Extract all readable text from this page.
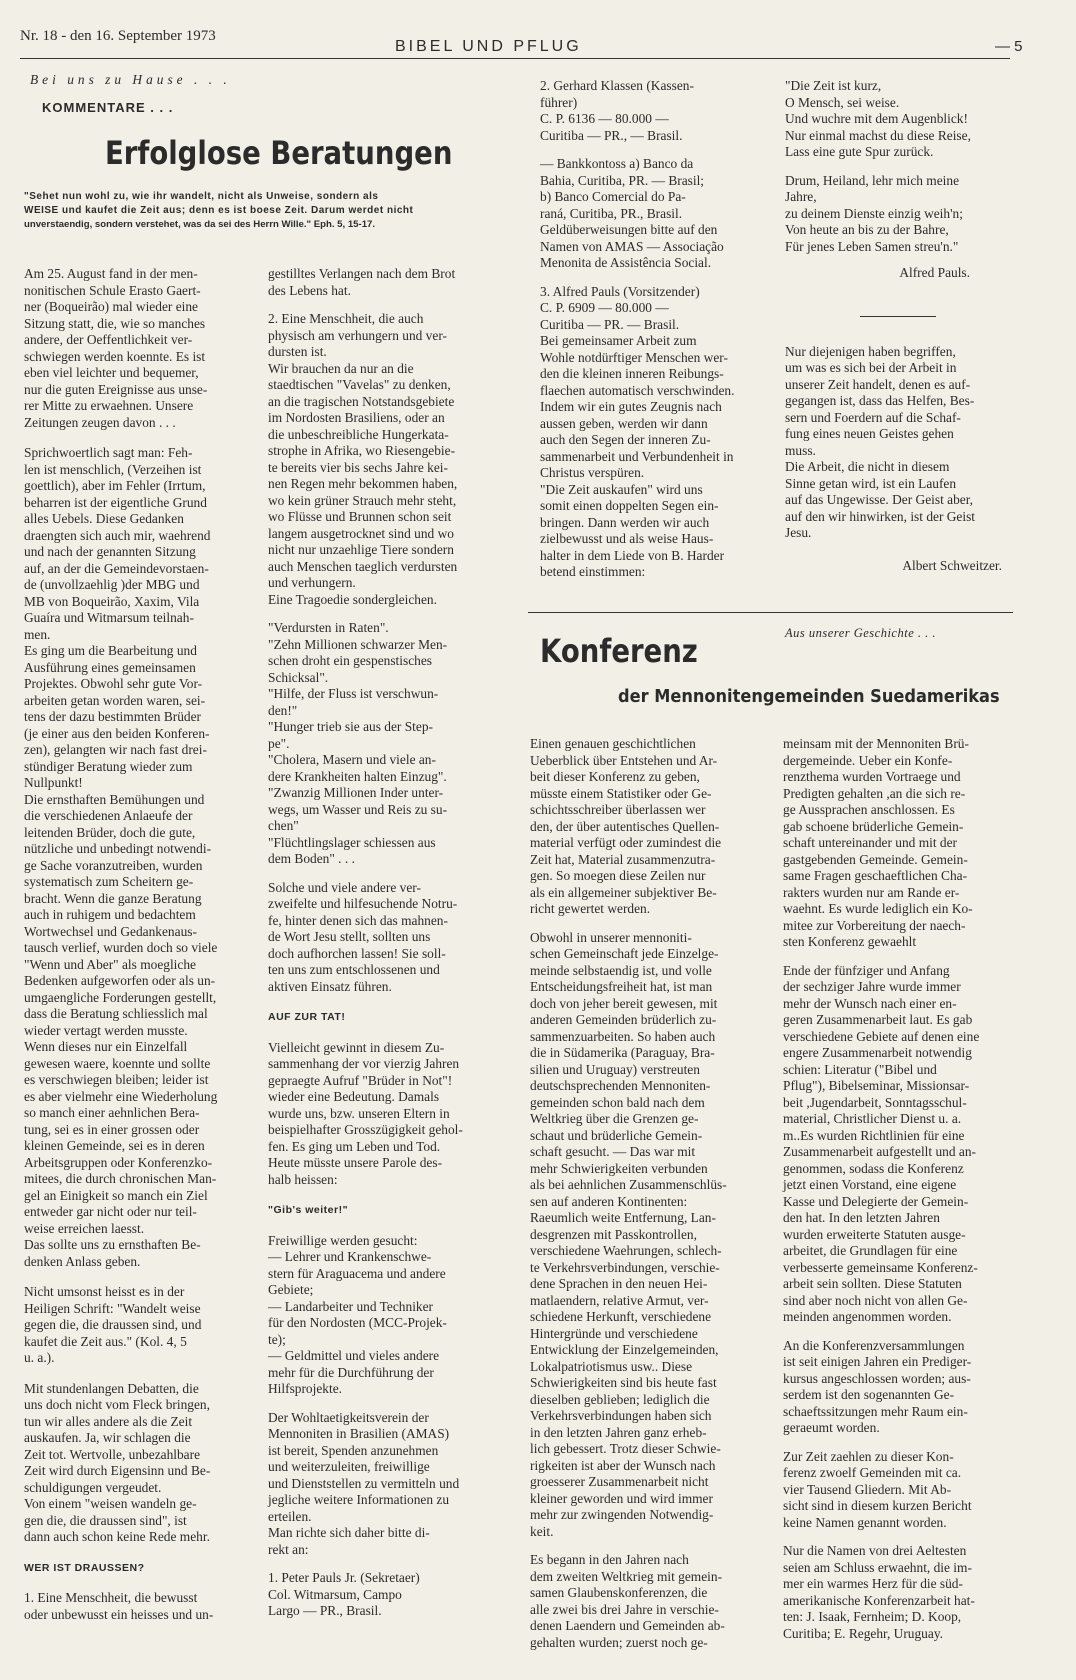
Nr. 18 - den 16. September 1973
BIBEL UND PFLUG	— 5
Bei uns zu Hause . . .
KOMMENTARE . . .
Erfolglose Beratungen
"Sehet nun wohl zu, wie ihr wandelt, nicht als Unweise, sondern als
WEISE und kaufet die Zeit aus; denn es ist boese Zeit. Darum werdet nicht
unverstaendig, sondern verstehet, was da sei des Herrn Wille." Eph. 5, 15-17.

Am 25. August fand in der men-

nonitischen Schule Erasto Gaert-

ner (Boqueirão) mal wieder eine

Sitzung statt, die, wie so manches

andere, der Oeffentlichkeit ver-

schwiegen werden koennte. Es ist

eben viel leichter und bequemer,

nur die guten Ereignisse aus unse-

rer Mitte zu erwaehnen. Unsere

Zeitungen zeugen davon . . .

Sprichwoertlich sagt man: Feh-

len ist menschlich, (Verzeihen ist

goettlich), aber im Fehler (Irrtum,

beharren ist der eigentliche Grund

alles Uebels. Diese Gedanken

draengten sich auch mir, waehrend

und nach der genannten Sitzung

auf, an der die Gemeindevorstaen-

de (unvollzaehlig )der MBG und

MB von Boqueirão, Xaxim, Vila

Guaíra und Witmarsum teilnah-

men.

Es ging um die Bearbeitung und

Ausführung eines gemeinsamen

Projektes. Obwohl sehr gute Vor-

arbeiten getan worden waren, sei-

tens der dazu bestimmten Brüder

(je einer aus den beiden Konferen-

zen), gelangten wir nach fast drei-

stündiger Beratung wieder zum

Nullpunkt!

Die ernsthaften Bemühungen und

die verschiedenen Anlaeufe der

leitenden Brüder, doch die gute,

nützliche und unbedingt notwendi-

ge Sache voranzutreiben, wurden

systematisch zum Scheitern ge-

bracht. Wenn die ganze Beratung

auch in ruhigem und bedachtem

Wortwechsel und Gedankenaus-

tausch verlief, wurden doch so viele

"Wenn und Aber" als moegliche

Bedenken aufgeworfen oder als un-

umgaengliche Forderungen gestellt,

dass die Beratung schliesslich mal

wieder vertagt werden musste.

Wenn dieses nur ein Einzelfall

gewesen waere, koennte und sollte

es verschwiegen bleiben; leider ist

es aber vielmehr eine Wiederholung

so manch einer aehnlichen Bera-

tung, sei es in einer grossen oder

kleinen Gemeinde, sei es in deren

Arbeitsgruppen oder Konferenzko-

mitees, die durch chronischen Man-

gel an Einigkeit so manch ein Ziel

entweder gar nicht oder nur teil-

weise erreichen laesst.

Das sollte uns zu ernsthaften Be-

denken Anlass geben.

Nicht umsonst heisst es in der

Heiligen Schrift: "Wandelt weise

gegen die, die draussen sind, und

kaufet die Zeit aus." (Kol. 4, 5

u. a.).

Mit stundenlangen Debatten, die

uns doch nicht vom Fleck bringen,

tun wir alles andere als die Zeit

auskaufen. Ja, wir schlagen die

Zeit tot. Wertvolle, unbezahlbare

Zeit wird durch Eigensinn und Be-

schuldigungen vergeudet.

Von einem "weisen wandeln ge-

gen die, die draussen sind", ist

dann auch schon keine Rede mehr.

WER IST DRAUSSEN?

1. Eine Menschheit, die bewusst

oder unbewusst ein heisses und un-

gestilltes Verlangen nach dem Brot

des Lebens hat.

2. Eine Menschheit, die auch

physisch am verhungern und ver-

dursten ist.

Wir brauchen da nur an die

staedtischen "Vavelas" zu denken,

an die tragischen Notstandsgebiete

im Nordosten Brasiliens, oder an

die unbeschreibliche Hungerkata-

strophe in Afrika, wo Riesengebie-

te bereits vier bis sechs Jahre kei-

nen Regen mehr bekommen haben,

wo kein grüner Strauch mehr steht,

wo Flüsse und Brunnen schon seit

langem ausgetrocknet sind und wo

nicht nur unzaehlige Tiere sondern

auch Menschen taeglich verdursten

und verhungern.

Eine Tragoedie sondergleichen.

"Verdursten in Raten".

"Zehn Millionen schwarzer Men-

schen droht ein gespenstisches

Schicksal".

"Hilfe, der Fluss ist verschwun-

den!"

"Hunger trieb sie aus der Step-

pe".

"Cholera, Masern und viele an-

dere Krankheiten halten Einzug".

"Zwanzig Millionen Inder unter-

wegs, um Wasser und Reis zu su-

chen"

"Flüchtlingslager schiessen aus

dem Boden" . . .

Solche und viele andere ver-

zweifelte und hilfesuchende Notru-

fe, hinter denen sich das mahnen-

de Wort Jesu stellt, sollten uns

doch aufhorchen lassen! Sie soll-

ten uns zum entschlossenen und

aktiven Einsatz führen.

AUF ZUR TAT!

Vielleicht gewinnt in diesem Zu-

sammenhang der vor vierzig Jahren

gepraegte Aufruf "Brüder in Not"!

wieder eine Bedeutung. Damals

wurde uns, bzw. unseren Eltern in

beispielhafter Grosszügigkeit gehol-

fen. Es ging um Leben und Tod.

Heute müsste unsere Parole des-

halb heissen:

"Gib's weiter!"

Freiwillige werden gesucht:

— Lehrer und Krankenschwe-

stern für Araguacema und andere

Gebiete;

— Landarbeiter und Techniker

für den Nordosten (MCC-Projek-

te);

— Geldmittel und vieles andere

mehr für die Durchführung der

Hilfsprojekte.

Der Wohltaetigkeitsverein der

Mennoniten in Brasilien (AMAS)

ist bereit, Spenden anzunehmen

und weiterzuleiten, freiwillige

und Dienststellen zu vermitteln und

jegliche weitere Informationen zu

erteilen.

Man richte sich daher bitte di-

rekt an:

1. Peter Pauls Jr. (Sekretaer)

Col. Witmarsum, Campo

Largo — PR., Brasil.

2. Gerhard Klassen (Kassen-

führer)

C. P. 6136 — 80.000 —

Curitiba — PR., — Brasil.

— Bankkontoss a) Banco da

Bahia, Curitiba, PR. — Brasil;

b) Banco Comercial do Pa-

raná, Curitiba, PR., Brasil.

Geldüberweisungen bitte auf den

Namen von AMAS — Associação

Menonita de Assistência Social.

3. Alfred Pauls (Vorsitzender)

C. P. 6909 — 80.000 —

Curitiba — PR. — Brasil.

Bei gemeinsamer Arbeit zum

Wohle notdürftiger Menschen wer-

den die kleinen inneren Reibungs-

flaechen automatisch verschwinden.

Indem wir ein gutes Zeugnis nach

aussen geben, werden wir dann

auch den Segen der inneren Zu-

sammenarbeit und Verbundenheit in

Christus verspüren.

"Die Zeit auskaufen" wird uns

somit einen doppelten Segen ein-

bringen. Dann werden wir auch

zielbewusst und als weise Haus-

halter in dem Liede von B. Harder

betend einstimmen:

"Die Zeit ist kurz,

O Mensch, sei weise.

Und wuchre mit dem Augenblick!

Nur einmal machst du diese Reise,

Lass eine gute Spur zurück.

Drum, Heiland, lehr mich meine

Jahre,

zu deinem Dienste einzig weih'n;

Von heute an bis zu der Bahre,

Für jenes Leben Samen streu'n."

Alfred Pauls.

Nur diejenigen haben begriffen,

um was es sich bei der Arbeit in

unserer Zeit handelt, denen es auf-

gegangen ist, dass das Helfen, Bes-

sern und Foerdern auf die Schaf-

fung eines neuen Geistes gehen

muss.

Die Arbeit, die nicht in diesem

Sinne getan wird, ist ein Laufen

auf das Ungewisse. Der Geist aber,

auf den wir hinwirken, ist der Geist

Jesu.

Albert Schweitzer.

Aus unserer Geschichte . . .
Konferenz
der Mennonitengemeinden Suedamerikas

Einen genauen geschichtlichen

Ueberblick über Entstehen und Ar-

beit dieser Konferenz zu geben,

müsste einem Statistiker oder Ge-

schichtsschreiber überlassen wer

den, der über autentisches Quellen-

material verfügt oder zumindest die

Zeit hat, Material zusammenzutra-

gen. So moegen diese Zeilen nur

als ein allgemeiner subjektiver Be-

richt gewertet werden.

Obwohl in unserer mennoniti-

schen Gemeinschaft jede Einzelge-

meinde selbstaendig ist, und volle

Entscheidungsfreiheit hat, ist man

doch von jeher bereit gewesen, mit

anderen Gemeinden brüderlich zu-

sammenzuarbeiten. So haben auch

die in Südamerika (Paraguay, Bra-

silien und Uruguay) verstreuten

deutschsprechenden Mennoniten-

gemeinden schon bald nach dem

Weltkrieg über die Grenzen ge-

schaut und brüderliche Gemein-

schaft gesucht. — Das war mit

mehr Schwierigkeiten verbunden

als bei aehnlichen Zusammenschlüs-

sen auf anderen Kontinenten:

Raeumlich weite Entfernung, Lan-

desgrenzen mit Passkontrollen,

verschiedene Waehrungen, schlech-

te Verkehrsverbindungen, verschie-

dene Sprachen in den neuen Hei-

matlaendern, relative Armut, ver-

schiedene Herkunft, verschiedene

Hintergründe und verschiedene

Entwicklung der Einzelgemeinden,

Lokalpatriotismus usw.. Diese

Schwierigkeiten sind bis heute fast

dieselben geblieben; lediglich die

Verkehrsverbindungen haben sich

in den letzten Jahren ganz erheb-

lich gebessert. Trotz dieser Schwie-

rigkeiten ist aber der Wunsch nach

groesserer Zusammenarbeit nicht

kleiner geworden und wird immer

mehr zur zwingenden Notwendig-

keit.

Es begann in den Jahren nach

dem zweiten Weltkrieg mit gemein-

samen Glaubenskonferenzen, die

alle zwei bis drei Jahre in verschie-

denen Laendern und Gemeinden ab-

gehalten wurden; zuerst noch ge-

meinsam mit der Mennoniten Brü-

dergemeinde. Ueber ein Konfe-

renzthema wurden Vortraege und

Predigten gehalten ,an die sich re-

ge Aussprachen anschlossen. Es

gab schoene brüderliche Gemein-

schaft untereinander und mit der

gastgebenden Gemeinde. Gemein-

same Fragen geschaeftlichen Cha-

rakters wurden nur am Rande er-

waehnt. Es wurde lediglich ein Ko-

mitee zur Vorbereitung der naech-

sten Konferenz gewaehlt

Ende der fünfziger und Anfang

der sechziger Jahre wurde immer

mehr der Wunsch nach einer en-

geren Zusammenarbeit laut. Es gab

verschiedene Gebiete auf denen eine

engere Zusammenarbeit notwendig

schien: Literatur ("Bibel und

Pflug"), Bibelseminar, Missionsar-

beit ,Jugendarbeit, Sonntagsschul-

material, Christlicher Dienst u. a.

m..Es wurden Richtlinien für eine

Zusammenarbeit aufgestellt und an-

genommen, sodass die Konferenz

jetzt einen Vorstand, eine eigene

Kasse und Delegierte der Gemein-

den hat. In den letzten Jahren

wurden erweiterte Statuten ausge-

arbeitet, die Grundlagen für eine

verbesserte gemeinsame Konferenz-

arbeit sein sollten. Diese Statuten

sind aber noch nicht von allen Ge-

meinden angenommen worden.

An die Konferenzversammlungen

ist seit einigen Jahren ein Prediger-

kursus angeschlossen worden; aus-

serdem ist den sogenannten Ge-

schaeftssitzungen mehr Raum ein-

geraeumt worden.

Zur Zeit zaehlen zu dieser Kon-

ferenz zwoelf Gemeinden mit ca.

vier Tausend Gliedern. Mit Ab-

sicht sind in diesem kurzen Bericht

keine Namen genannt worden.

Nur die Namen von drei Aeltesten

seien am Schluss erwaehnt, die im-

mer ein warmes Herz für die süd-

amerikanische Konferenzarbeit hat-

ten: J. Isaak, Fernheim; D. Koop,

Curitiba; E. Regehr, Uruguay.
